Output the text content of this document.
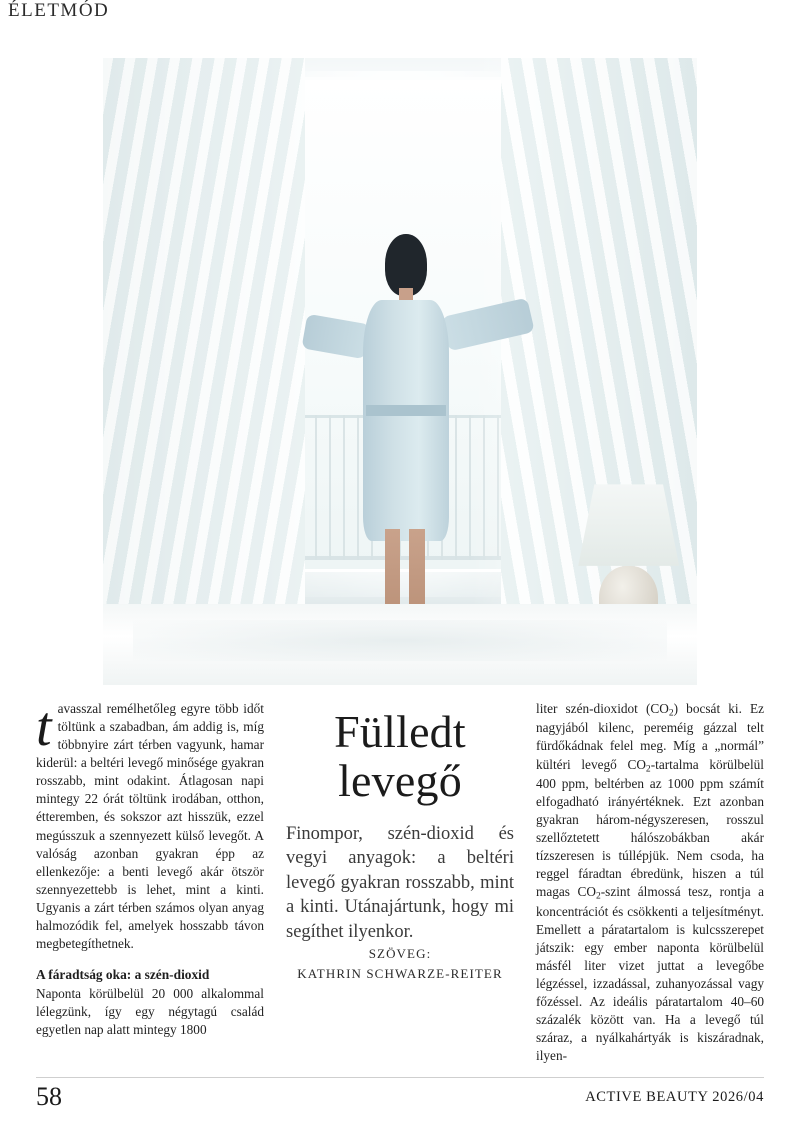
ÉLETMÓD

tavasszal remélhetőleg egyre több időt töltünk a szabadban, ám addig is, míg többnyire zárt térben vagyunk, hamar kiderül: a beltéri levegő minősége gyakran rosszabb, mint odakint. Átlagosan napi mintegy 22 órát töltünk irodában, otthon, étteremben, és sokszor azt hisszük, ezzel megússzuk a szennyezett külső levegőt. A valóság azonban gyakran épp az ellenkezője: a benti levegő akár ötször szennyezettebb is lehet, mint a kinti. Ugyanis a zárt térben számos olyan anyag halmozódik fel, amelyek hosszabb távon megbetegíthetnek.

A fáradtság oka: a szén-dioxid

Naponta körülbelül 20 000 alkalommal lélegzünk, így egy négytagú család egyetlen nap alatt mintegy 1800

Fülledt
levegő

Finompor, szén-dioxid és vegyi anyagok: a beltéri levegő gyakran rosszabb, mint a kinti. Utánajártunk, hogy mi segíthet ilyenkor.

SZÖVEG:
KATHRIN SCHWARZE-REITER

liter szén-dioxidot (CO2) bocsát ki. Ez nagyjából kilenc, pereméig gázzal telt fürdőkádnak felel meg. Míg a „normál” kültéri levegő CO2-tartalma körülbelül 400 ppm, beltérben az 1000 ppm számít elfogadható irányértéknek. Ezt azonban gyakran három-négyszeresen, rosszul szellőztetett hálószobákban akár tízszeresen is túllépjük. Nem csoda, ha reggel fáradtan ébredünk, hiszen a túl magas CO2-szint álmossá tesz, rontja a koncentrációt és csökkenti a teljesítményt. Emellett a páratartalom is kulcsszerepet játszik: egy ember naponta körülbelül másfél liter vizet juttat a levegőbe légzéssel, izzadással, zuhanyozással vagy főzéssel. Az ideális páratartalom 40–60 százalék között van. Ha a levegő túl száraz, a nyálkahártyák is kiszáradnak, ilyen-

58	ACTIVE BEAUTY 2026/04
